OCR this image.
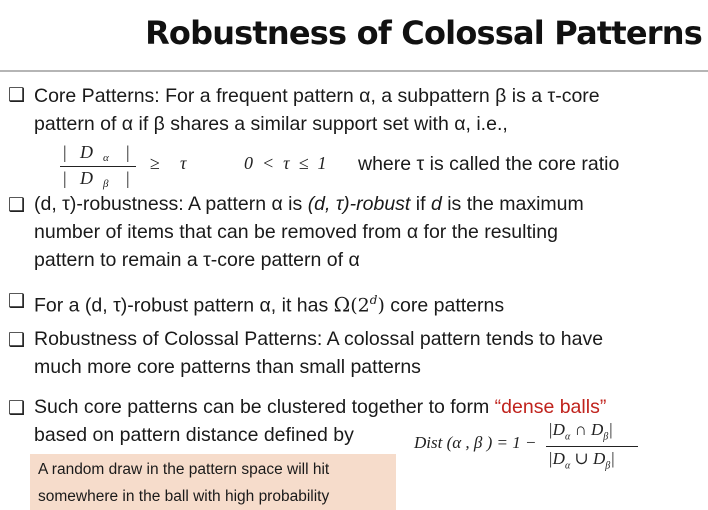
Robustness of Colossal Patterns
❑ Core Patterns: For a frequent pattern α, a subpattern β is a τ-core
pattern of α if β shares a similar support set with α, i.e.,
| D α |
| D β |
≥ τ	0  <  τ  ≤  1 where τ is called the core ratio
❑ (d, τ)-robustness: A pattern α is (d, τ)-robust if d is the maximum
number of items that can be removed from α for the resulting
pattern to remain a τ-core pattern of α
❑ For a (d, τ)-robust pattern α, it has Ω(2$^d$) core patterns
❑ Robustness of Colossal Patterns: A colossal pattern tends to have
much more core patterns than small patterns
❑ Such core patterns can be clustered together to form “dense balls”
based on pattern distance defined by	Dist (α , β ) = 1 −
$|D_\alpha$ ∩ $D_\beta|$
$|D_\alpha$ ∪ $D_\beta|$
A random draw in the pattern space will hit
somewhere in the ball with high probability
